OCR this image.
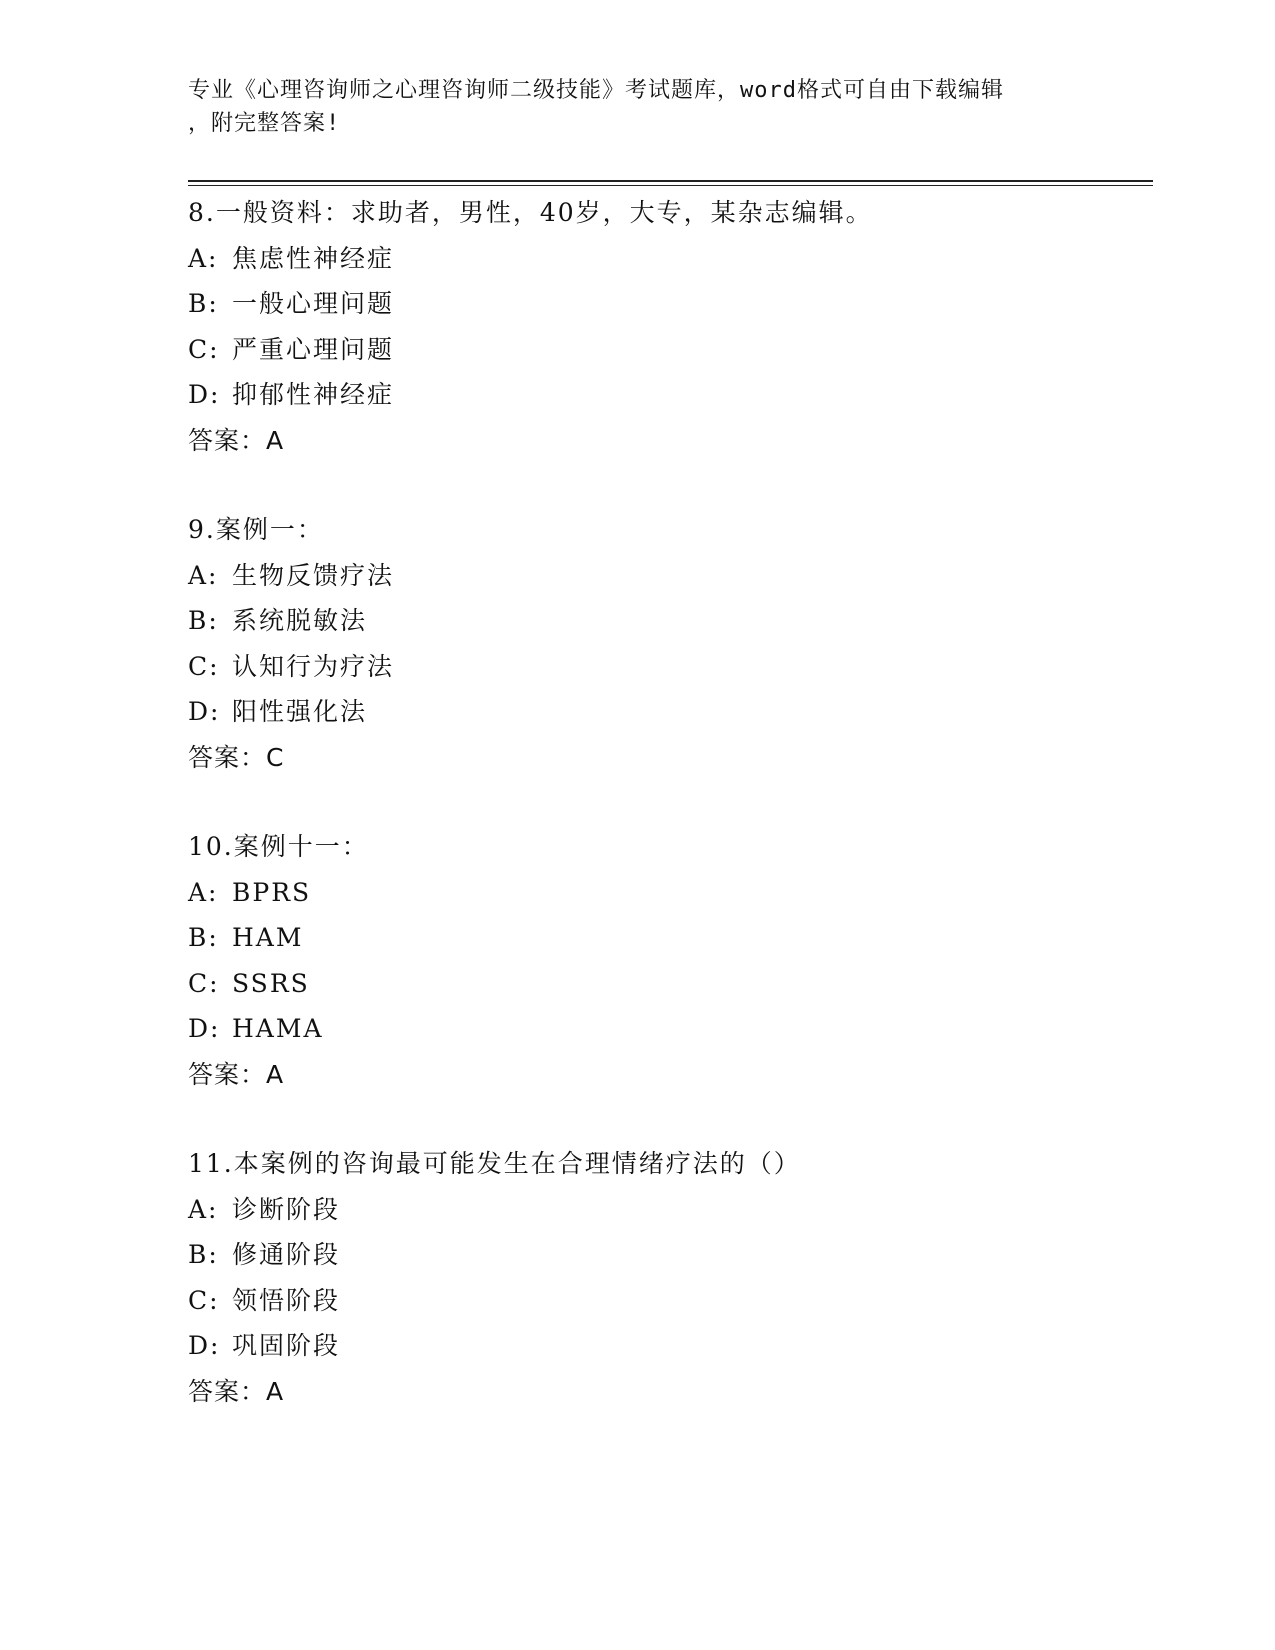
专业《心理咨询师之心理咨询师二级技能》考试题库，word格式可自由下载编辑
，附完整答案!
8.一般资料：求助者，男性，40岁，大专，某杂志编辑。
A: 焦虑性神经症
B: 一般心理问题
C: 严重心理问题
D: 抑郁性神经症
答案：A
9.案例一：
A: 生物反馈疗法
B: 系统脱敏法
C: 认知行为疗法
D: 阳性强化法
答案：C
10.案例十一：
A: BPRS
B: HAM
C: SSRS
D: HAMA
答案：A
11.本案例的咨询最可能发生在合理情绪疗法的（）
A: 诊断阶段
B: 修通阶段
C: 领悟阶段
D: 巩固阶段
答案：A
